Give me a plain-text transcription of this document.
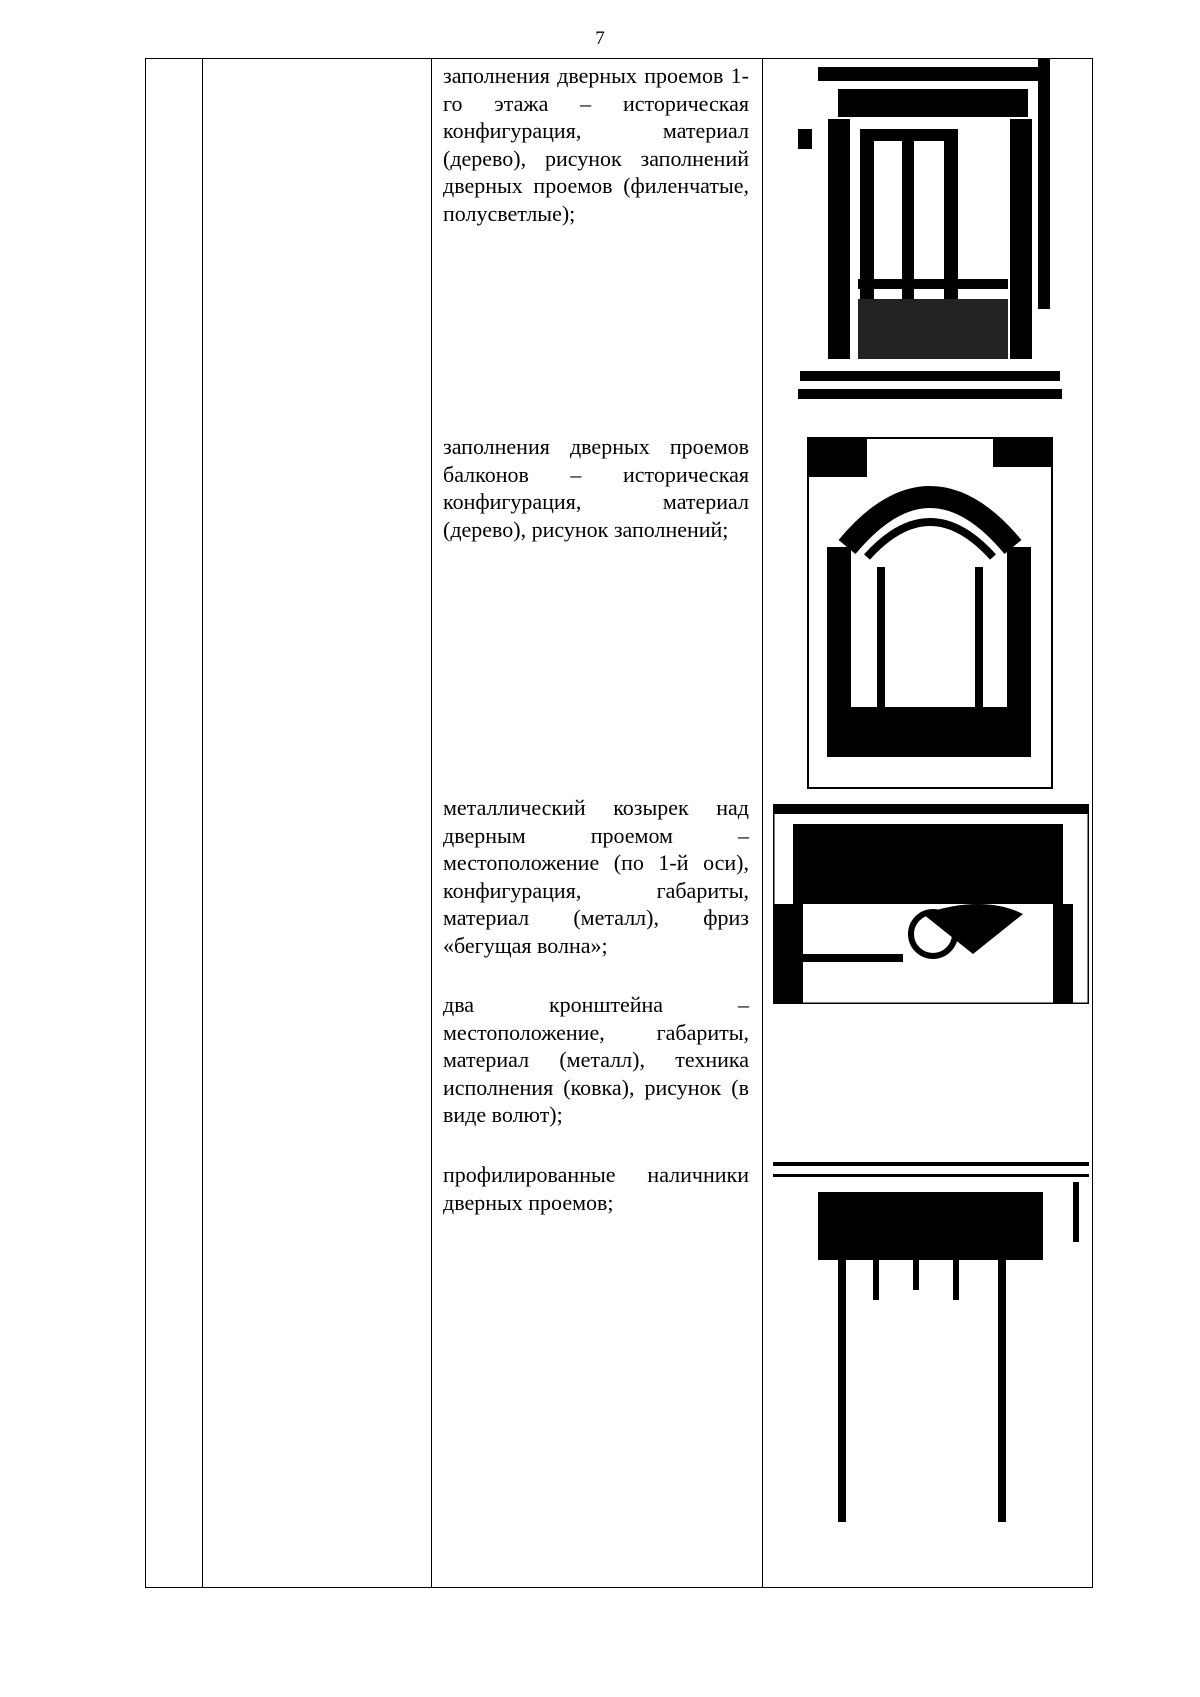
7
заполнения дверных проемов 1-го этажа – историческая конфигурация, материал (дерево), рисунок заполнений дверных проемов (филенчатые, полусветлые);
заполнения дверных проемов балконов – историческая конфигурация, материал (дерево), рисунок заполнений;
металлический козырек над дверным проемом – местоположение (по 1-й оси), конфигурация, габариты, материал (металл), фриз «бегущая волна»;
два кронштейна – местоположение, габариты, материал (металл), техника исполнения (ковка), рисунок (в виде волют);
профилированные наличники дверных проемов;
